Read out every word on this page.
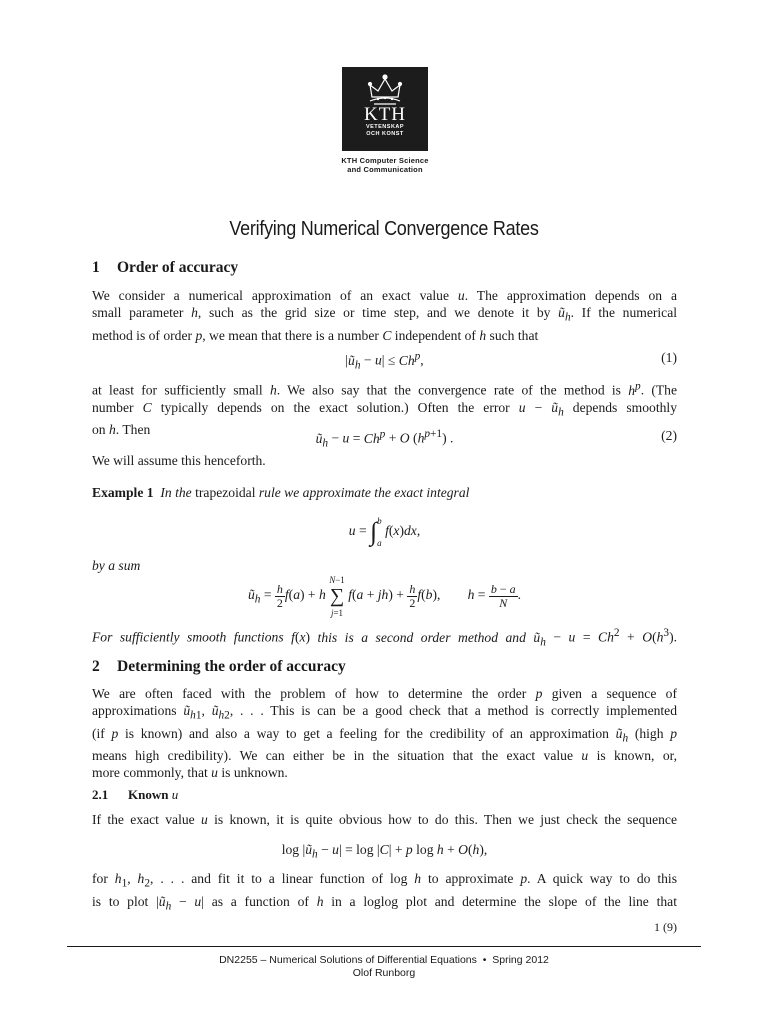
KTH
VETENSKAP
OCH KONST
KTH Computer Science
and Communication
Verifying Numerical Convergence Rates
1 Order of accuracy
We consider a numerical approximation of an exact value u. The approximation depends on a
small parameter h, such as the grid size or time step, and we denote it by $ũ_h$. If the numerical
method is of order p, we mean that there is a number C independent of h such that
$|ũ_h - u| \le Ch^p$,	(1)
at least for sufficiently small h. We also say that the convergence rate of the method is $h^p$. (The
number C typically depends on the exact solution.) Often the error $u - ũ_h$ depends smoothly
on h. Then
$ũ_h - u = Ch^p + O$ $(h^{p+1})$ .	(2)
We will assume this henceforth.
Example 1 In the trapezoidal rule we approximate the exact integral
u = ∫b
a f(x)dx,
by a sum
$ũ_h = \frac{h}{2} f(a) + h$ N−1
∑
j=1 $f(a + jh) + \frac{h}{2} f(b)$,        $h = \frac{b - a}{N}$ .
For sufficiently smooth functions f(x) this is a second order method and $ũ_h - u = Ch^2 + O(h^3)$.
2 Determining the order of accuracy
We are often faced with the problem of how to determine the order p given a sequence of
approximations $ũ_{h1}$, $ũ_{h2}$, . . . This is can be a good check that a method is correctly implemented
(if p is known) and also a way to get a feeling for the credibility of an approximation $ũ_h$ (high p
means high credibility). We can either be in the situation that the exact value u is known, or,
more commonly, that u is unknown.
2.1 Known u
If the exact value u is known, it is quite obvious how to do this. Then we just check the sequence
$\log |ũ_h - u| = \log |C| + p$ log h + O(h),
for $h_1$, $h_2$, . . . and fit it to a linear function of log h to approximate p. A quick way to do this
is to plot $|ũ_h - u|$ as a function of h in a loglog plot and determine the slope of the line that
1 (9)
DN2255 – Numerical Solutions of Differential Equations • Spring 2012
Olof Runborg
